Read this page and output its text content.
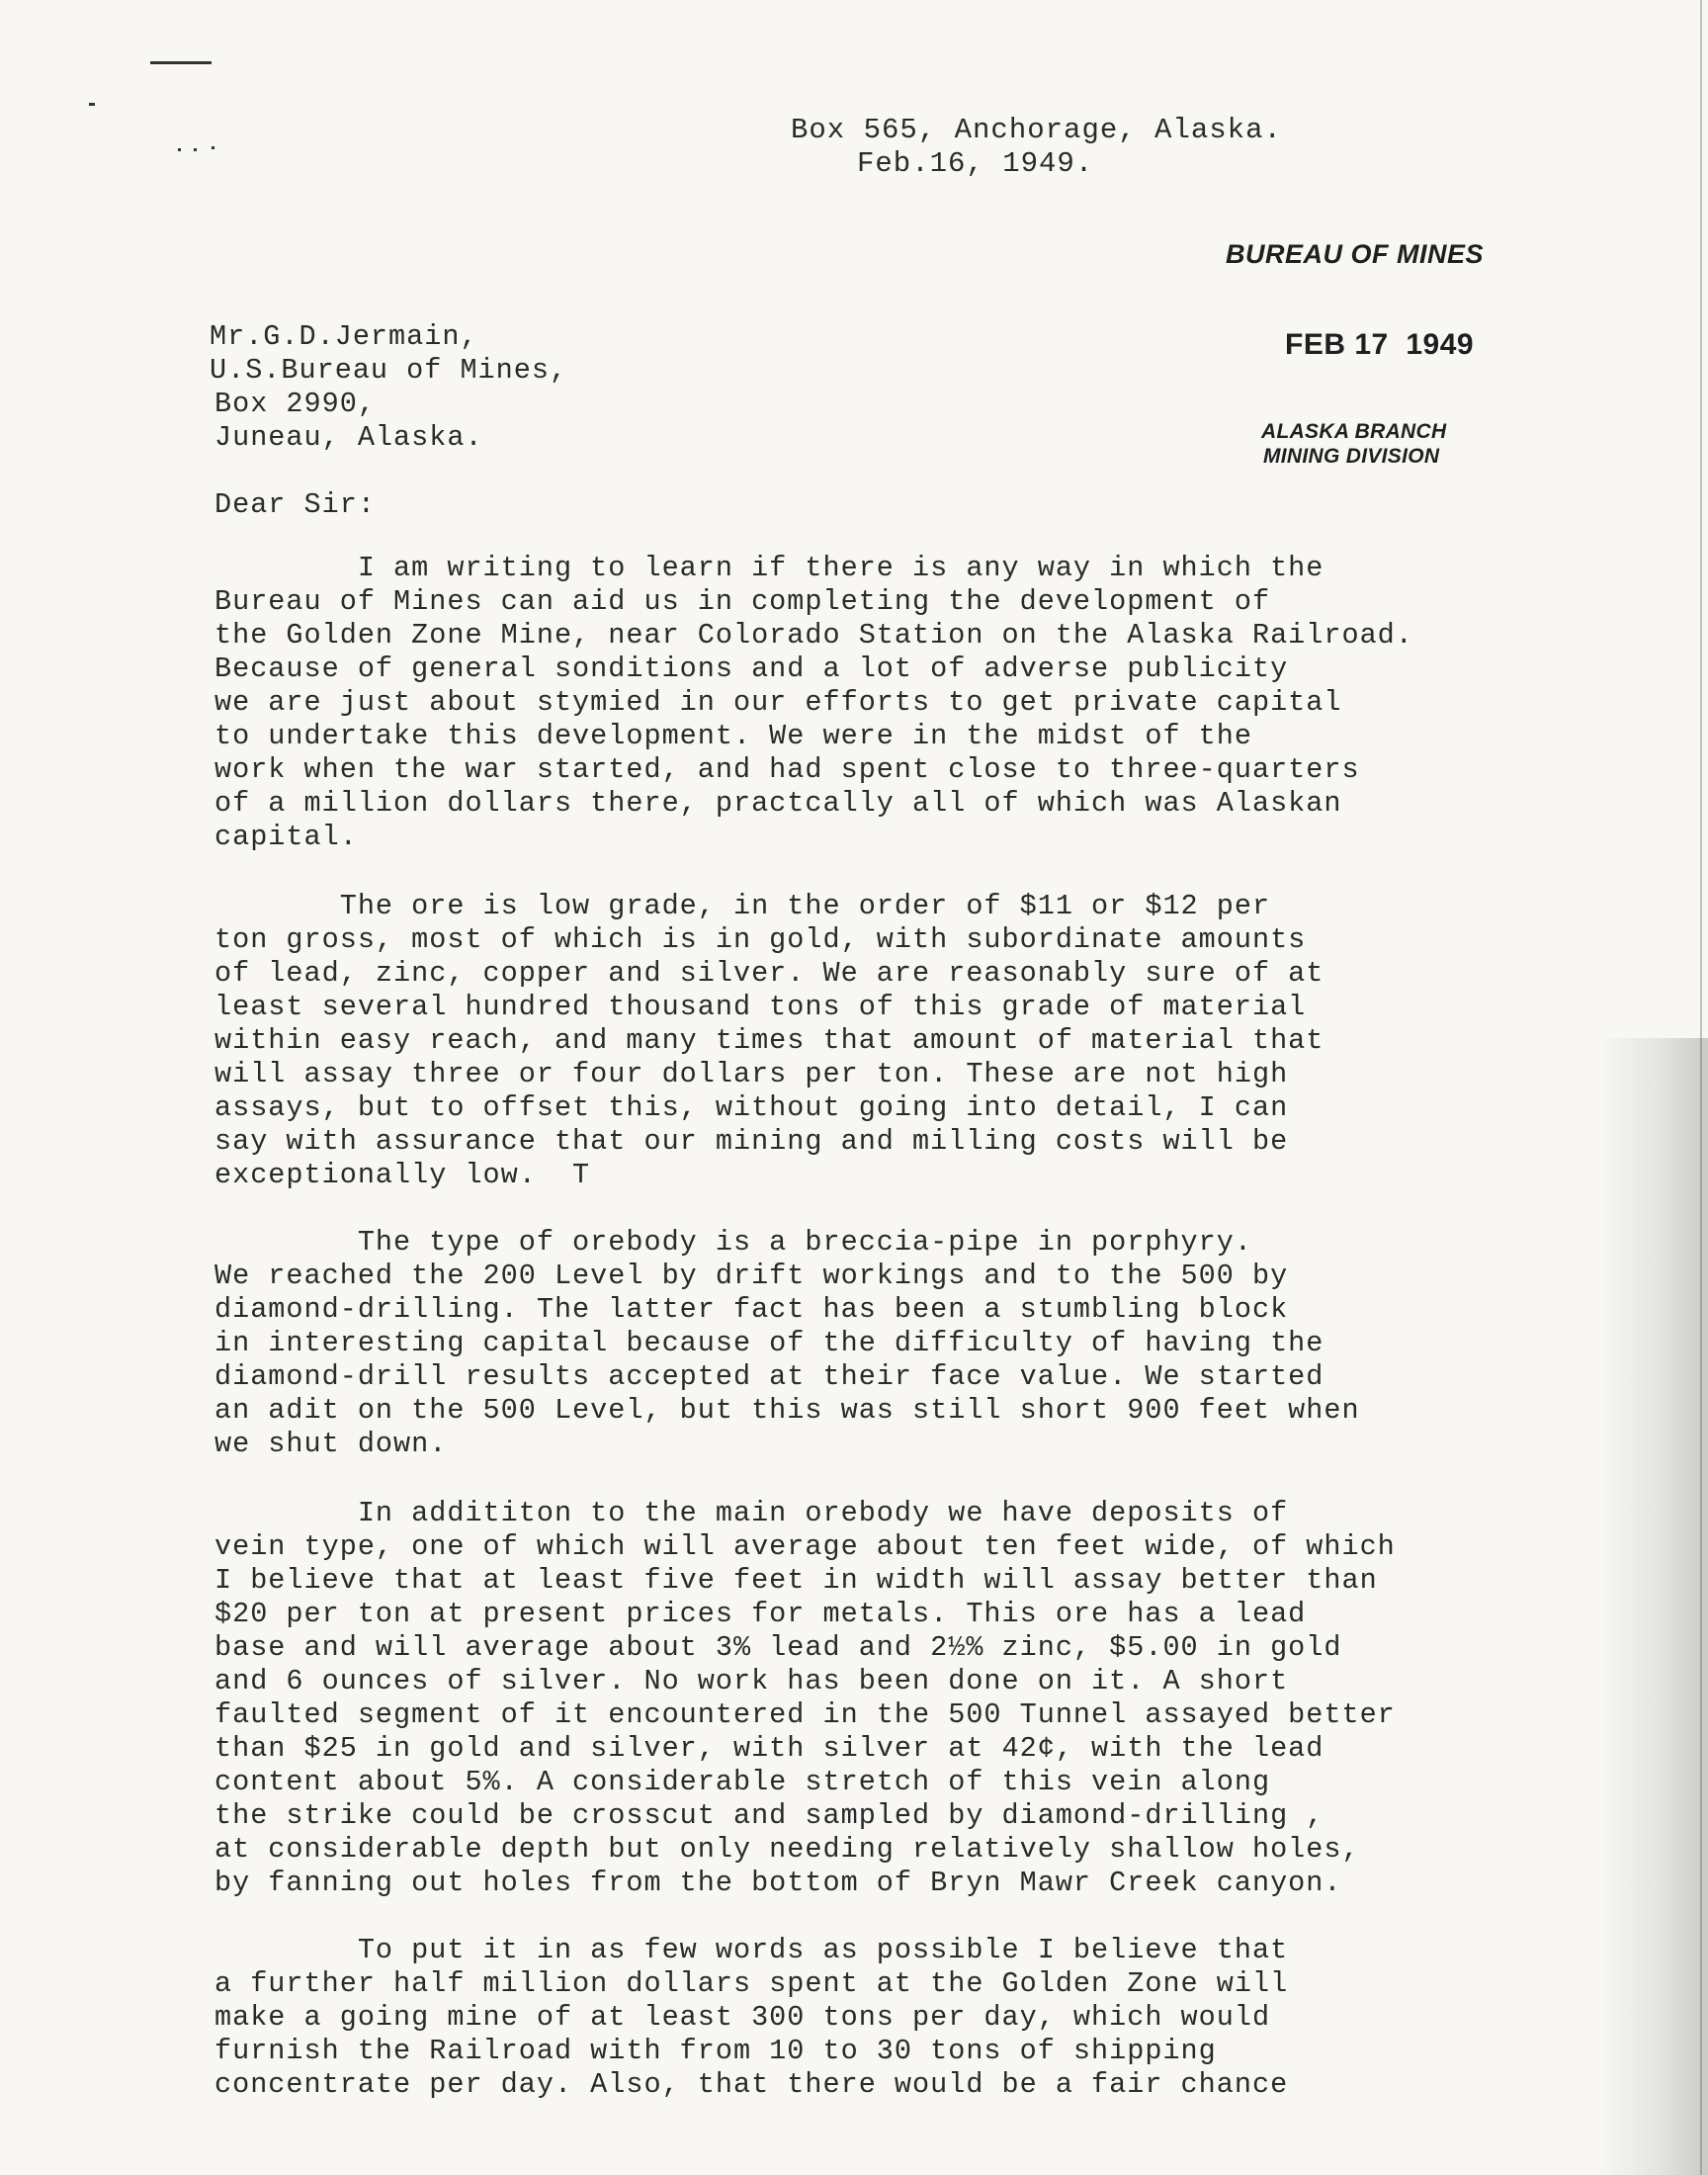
Box 565, Anchorage, Alaska.
Feb.16, 1949.
BUREAU OF MINES
FEB 17  1949
ALASKA BRANCH
MINING DIVISION
Mr.G.D.Jermain,
U.S.Bureau of Mines,
Box 2990,
Juneau, Alaska.
Dear Sir:
I am writing to learn if there is any way in which the
Bureau of Mines can aid us in completing the development of
the Golden Zone Mine, near Colorado Station on the Alaska Railroad.
Because of general sonditions and a lot of adverse publicity
we are just about stymied in our efforts to get private capital
to undertake this development. We were in the midst of the
work when the war started, and had spent close to three-quarters
of a million dollars there, practcally all of which was Alaskan
capital.
The ore is low grade, in the order of $11 or $12 per
ton gross, most of which is in gold, with subordinate amounts
of lead, zinc, copper and silver. We are reasonably sure of at
least several hundred thousand tons of this grade of material
within easy reach, and many times that amount of material that
will assay three or four dollars per ton. These are not high
assays, but to offset this, without going into detail, I can
say with assurance that our mining and milling costs will be
exceptionally low.  T
The type of orebody is a breccia-pipe in porphyry.
We reached the 200 Level by drift workings and to the 500 by
diamond-drilling. The latter fact has been a stumbling block
in interesting capital because of the difficulty of having the
diamond-drill results accepted at their face value. We started
an adit on the 500 Level, but this was still short 900 feet when
we shut down.
In addititon to the main orebody we have deposits of
vein type, one of which will average about ten feet wide, of which
I believe that at least five feet in width will assay better than
$20 per ton at present prices for metals. This ore has a lead
base and will average about 3% lead and 2½% zinc, $5.00 in gold
and 6 ounces of silver. No work has been done on it. A short
faulted segment of it encountered in the 500 Tunnel assayed better
than $25 in gold and silver, with silver at 42¢, with the lead
content about 5%. A considerable stretch of this vein along
the strike could be crosscut and sampled by diamond-drilling ,
at considerable depth but only needing relatively shallow holes,
by fanning out holes from the bottom of Bryn Mawr Creek canyon.
To put it in as few words as possible I believe that
a further half million dollars spent at the Golden Zone will
make a going mine of at least 300 tons per day, which would
furnish the Railroad with from 10 to 30 tons of shipping
concentrate per day. Also, that there would be a fair chance
